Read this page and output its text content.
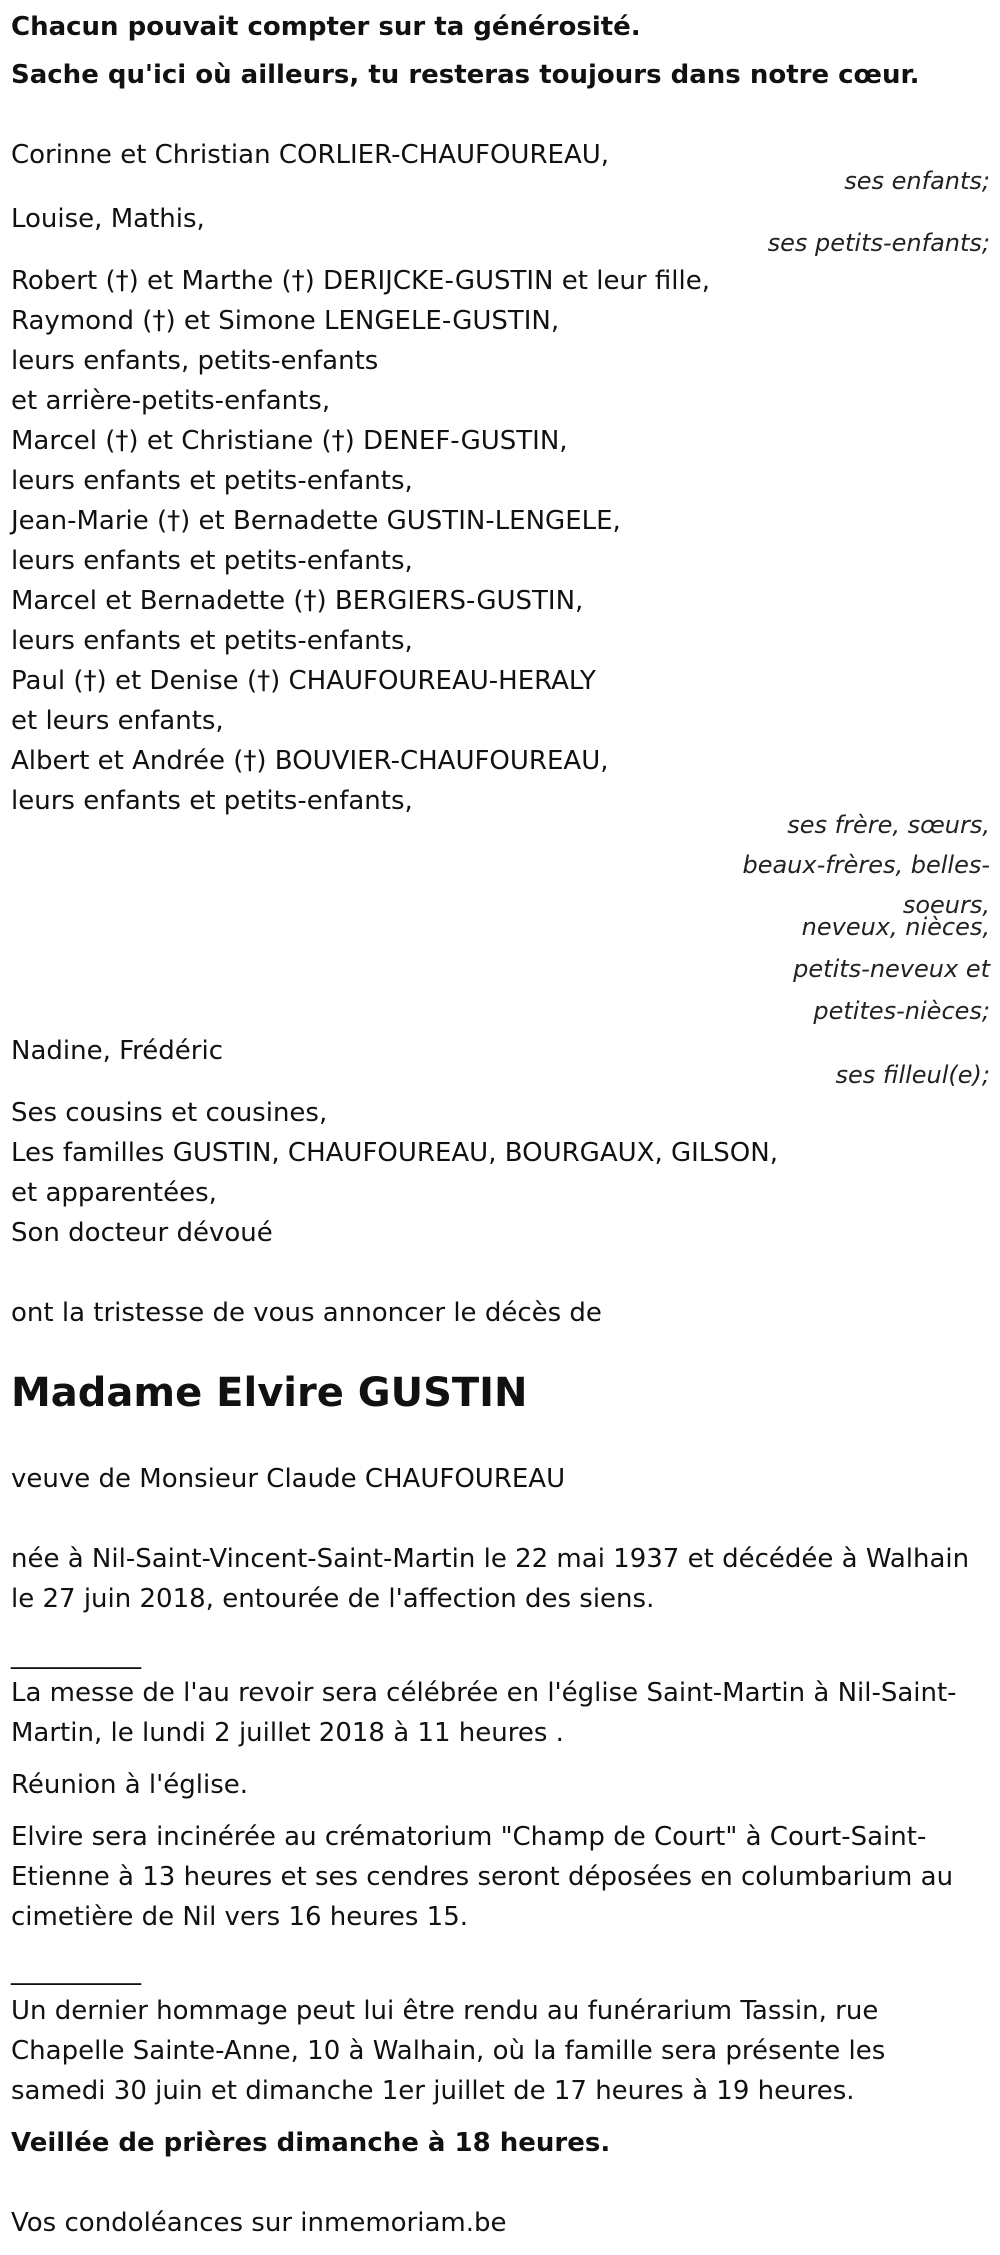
Chacun pouvait compter sur ta générosité.
Sache qu'ici où ailleurs, tu resteras toujours dans notre cœur.
Corinne et Christian CORLIER-CHAUFOUREAU,
ses enfants;
Louise, Mathis,
ses petits-enfants;
Robert (†) et Marthe (†) DERIJCKE-GUSTIN et leur fille,
Raymond (†) et Simone LENGELE-GUSTIN,
leurs enfants, petits-enfants
et arrière-petits-enfants,
Marcel (†) et Christiane (†) DENEF-GUSTIN,
leurs enfants et petits-enfants,
Jean-Marie (†) et Bernadette GUSTIN-LENGELE,
leurs enfants et petits-enfants,
Marcel et Bernadette (†) BERGIERS-GUSTIN,
leurs enfants et petits-enfants,
Paul (†) et Denise (†) CHAUFOUREAU-HERALY
et leurs enfants,
Albert et Andrée (†) BOUVIER-CHAUFOUREAU,
leurs enfants et petits-enfants,
ses frère, sœurs,
beaux-frères, belles-
soeurs,
neveux, nièces,
petits-neveux et
petites-nièces;
Nadine, Frédéric
ses filleul(e);
Ses cousins et cousines,
Les familles GUSTIN, CHAUFOUREAU, BOURGAUX, GILSON,
et apparentées,
Son docteur dévoué
ont la tristesse de vous annoncer le décès de
Madame Elvire GUSTIN
veuve de Monsieur Claude CHAUFOUREAU
née à Nil-Saint-Vincent-Saint-Martin le 22 mai 1937 et décédée à Walhain
le 27 juin 2018, entourée de l'affection des siens.
__________
La messe de l'au revoir sera célébrée en l'église Saint-Martin à Nil-Saint-
Martin, le lundi 2 juillet 2018 à 11 heures .
Réunion à l'église.
Elvire sera incinérée au crématorium "Champ de Court" à Court-Saint-
Etienne à 13 heures et ses cendres seront déposées en columbarium au
cimetière de Nil vers 16 heures 15.
__________
Un dernier hommage peut lui être rendu au funérarium Tassin, rue
Chapelle Sainte-Anne, 10 à Walhain, où la famille sera présente les
samedi 30 juin et dimanche 1er juillet de 17 heures à 19 heures.
Veillée de prières dimanche à 18 heures.
Vos condoléances sur inmemoriam.be
